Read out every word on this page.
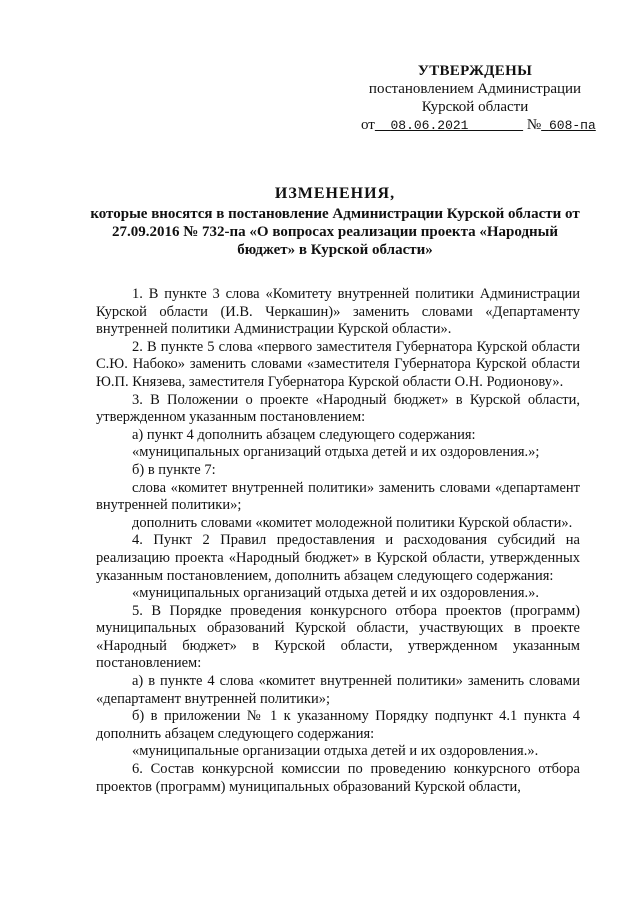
УТВЕРЖДЕНЫ
постановлением Администрации
Курской области
от 08.06.2021	№ 608-па
ИЗМЕНЕНИЯ,
которые вносятся в постановление Администрации Курской области от 27.09.2016 № 732-па «О вопросах реализации проекта «Народный бюджет» в Курской области»

1. В пункте 3 слова «Комитету внутренней политики Администрации Курской области (И.В. Черкашин)» заменить словами «Департаменту внутренней политики Администрации Курской области».

2. В пункте 5 слова «первого заместителя Губернатора Курской области С.Ю. Набоко» заменить словами «заместителя Губернатора Курской области Ю.П. Князева, заместителя Губернатора Курской области О.Н. Родионову».

3. В Положении о проекте «Народный бюджет» в Курской области, утвержденном указанным постановлением:

а) пункт 4 дополнить абзацем следующего содержания:

«муниципальных организаций отдыха детей и их оздоровления.»;

б) в пункте 7:

слова «комитет внутренней политики» заменить словами «департамент внутренней политики»;

дополнить словами «комитет молодежной политики Курской области».

4. Пункт 2 Правил предоставления и расходования субсидий на реализацию проекта «Народный бюджет» в Курской области, утвержденных указанным постановлением, дополнить абзацем следующего содержания:

«муниципальных организаций отдыха детей и их оздоровления.».

5. В Порядке проведения конкурсного отбора проектов (программ) муниципальных образований Курской области, участвующих в проекте «Народный бюджет» в Курской области, утвержденном указанным постановлением:

а) в пункте 4 слова «комитет внутренней политики» заменить словами «департамент внутренней политики»;

б) в приложении № 1 к указанному Порядку подпункт 4.1 пункта 4 дополнить абзацем следующего содержания:

«муниципальные организации отдыха детей и их оздоровления.».

6. Состав конкурсной комиссии по проведению конкурсного отбора проектов (программ) муниципальных образований Курской области,
